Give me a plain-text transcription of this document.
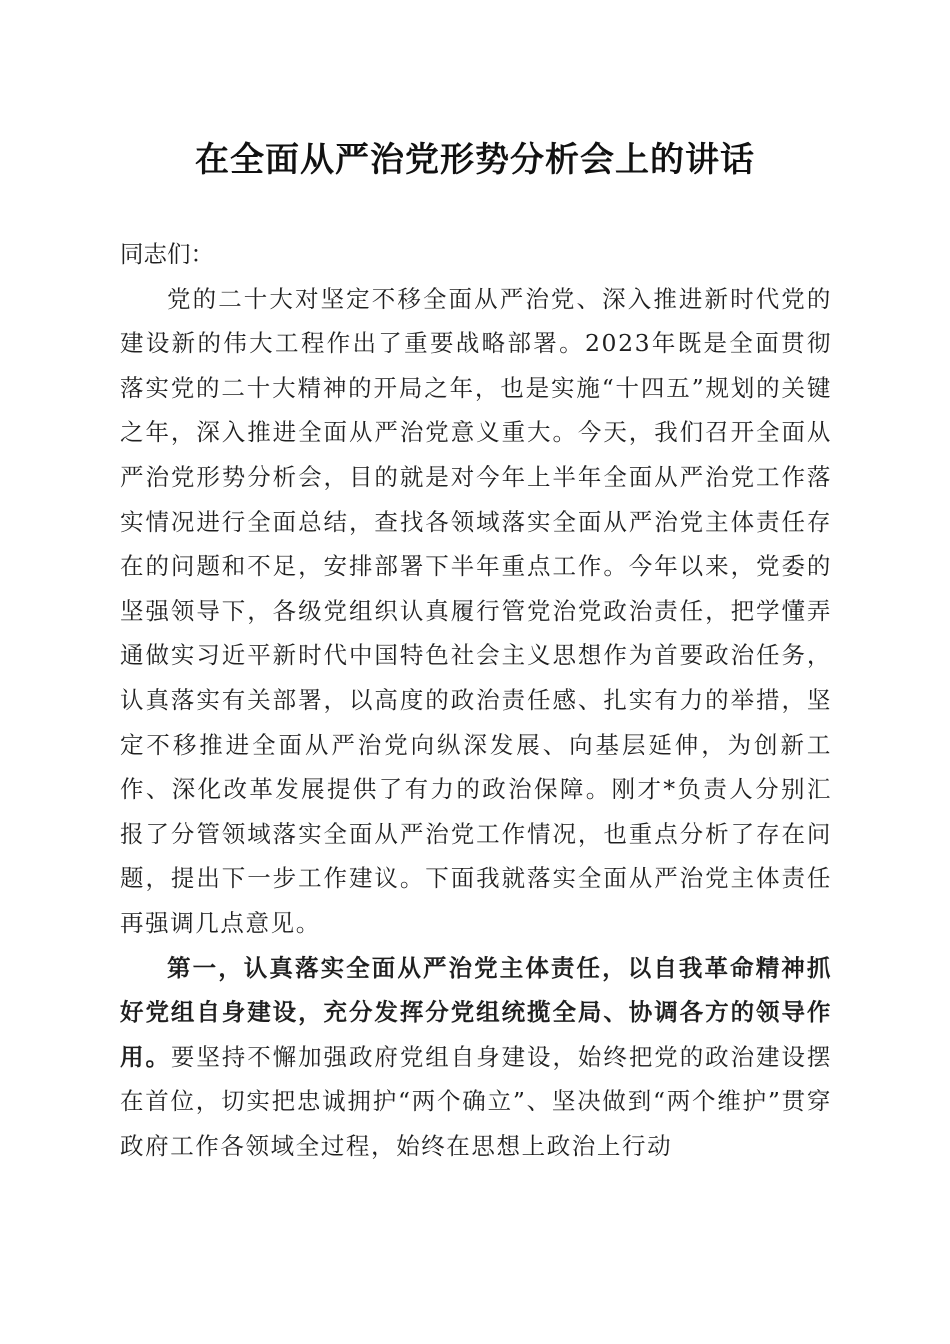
在全面从严治党形势分析会上的讲话

同志们：

党的二十大对坚定不移全面从严治党、深入推进新时代党的建设新的伟大工程作出了重要战略部署。2023年既是全面贯彻落实党的二十大精神的开局之年，也是实施“十四五”规划的关键之年，深入推进全面从严治党意义重大。今天，我们召开全面从严治党形势分析会，目的就是对今年上半年全面从严治党工作落实情况进行全面总结，查找各领域落实全面从严治党主体责任存在的问题和不足，安排部署下半年重点工作。今年以来，党委的坚强领导下，各级党组织认真履行管党治党政治责任，把学懂弄通做实习近平新时代中国特色社会主义思想作为首要政治任务，认真落实有关部署，以高度的政治责任感、扎实有力的举措，坚定不移推进全面从严治党向纵深发展、向基层延伸，为创新工作、深化改革发展提供了有力的政治保障。刚才*负责人分别汇报了分管领域落实全面从严治党工作情况，也重点分析了存在问题，提出下一步工作建议。下面我就落实全面从严治党主体责任再强调几点意见。

第一，认真落实全面从严治党主体责任，以自我革命精神抓好党组自身建设，充分发挥分党组统揽全局、协调各方的领导作用。要坚持不懈加强政府党组自身建设，始终把党的政治建设摆在首位，切实把忠诚拥护“两个确立”、坚决做到“两个维护”贯穿政府工作各领域全过程，始终在思想上政治上行动
